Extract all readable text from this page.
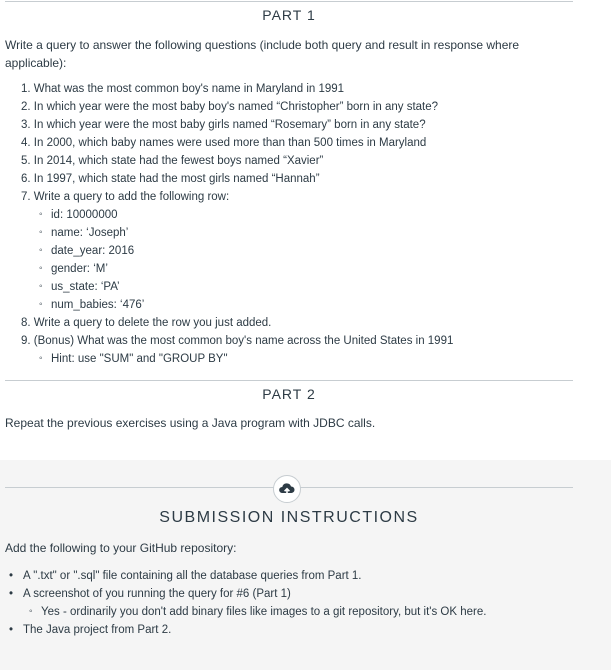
PART 1
Write a query to answer the following questions (include both query and result in response where applicable):
1. What was the most common boy's name in Maryland in 1991
2. In which year were the most baby boy's named “Christopher” born in any state?
3. In which year were the most baby girls named “Rosemary” born in any state?
4. In 2000, which baby names were used more than than 500 times in Maryland
5. In 2014, which state had the fewest boys named “Xavier”
6. In 1997, which state had the most girls named “Hannah”
7. Write a query to add the following row:
◦ id: 10000000
◦ name: ‘Joseph’
◦ date_year: 2016
◦ gender: ‘M’
◦ us_state: ‘PA’
◦ num_babies: ‘476’
8. Write a query to delete the row you just added.
9. (Bonus) What was the most common boy's name across the United States in 1991
◦ Hint: use "SUM" and "GROUP BY"
PART 2
Repeat the previous exercises using a Java program with JDBC calls.
SUBMISSION INSTRUCTIONS
Add the following to your GitHub repository:
• A ".txt" or ".sql" file containing all the database queries from Part 1.
• A screenshot of you running the query for #6 (Part 1)
◦ Yes - ordinarily you don't add binary files like images to a git repository, but it's OK here.
• The Java project from Part 2.
